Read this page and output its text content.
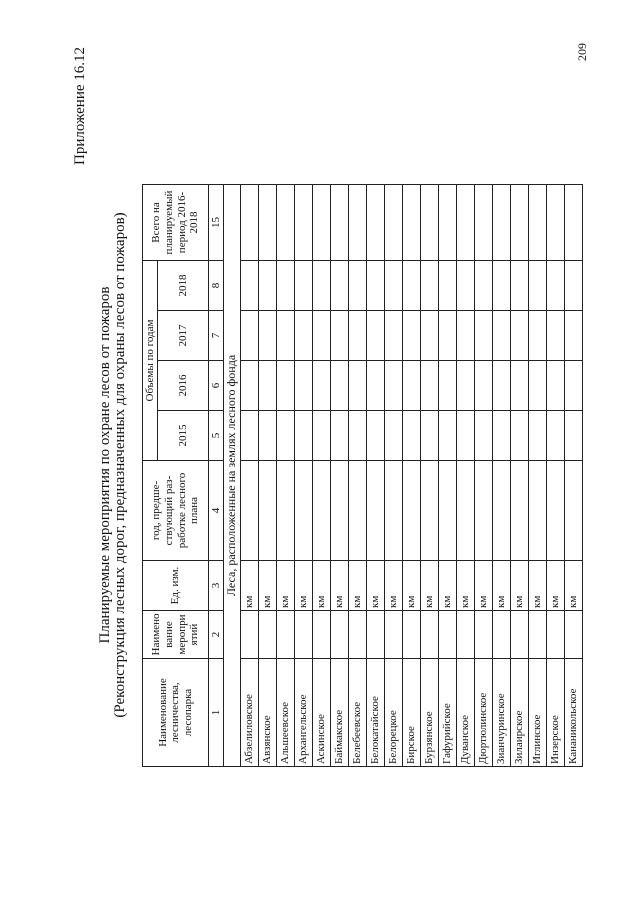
Приложение 16.12	209
Планируемые мероприятия по охране лесов от пожаров (Реконструкция лесных дорог, предназначенных для охраны лесов от пожаров)	Наименование лесничества, лесопарка	Наимено вание меропри ятий	Ед. изм.	год, предше-ствующий раз-работке лесного плана	Объемы по годам				Всего на планируемый период 2016-2018
				2015	2016	2017	2018	
1	2	3	4	5	6	7	8	15
Леса, расположенные на землях лесного фонда								
Абзелиловское		км						
Авзянское		км						
Альшеевское		км						
Архангельское		км						
Аскинское		км						
Баймакское		км						
Белебеевское		км						
Белокатайское		км						
Белорецкое		км						
Бирское		км						
Бурзянское		км						
Гафурийское		км						
Дуванское		км						
Дюртюлинское		км						
Зианчуринское		км						
Зилаирское		км						
Иглинское		км						
Инзерское		км						
Кананикольское		км						
